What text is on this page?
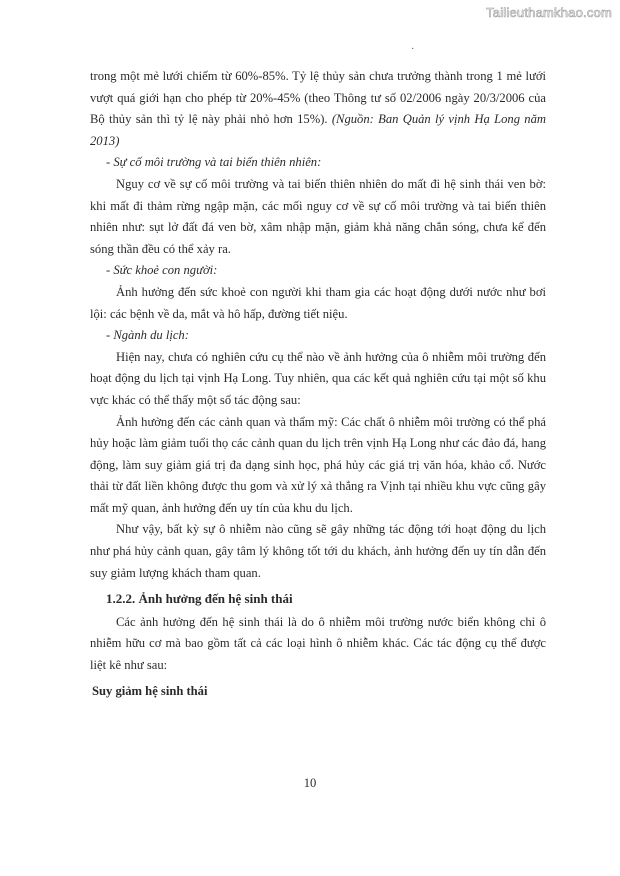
Tailieuthamkhao.com
·

trong một mẻ lưới chiếm từ 60%-85%. Tỷ lệ thủy sản chưa trưởng thành trong 1 mẻ lưới vượt quá giới hạn cho phép từ 20%-45% (theo Thông tư số 02/2006 ngày 20/3/2006 của Bộ thủy sản thì tỷ lệ này phải nhỏ hơn 15%). (Nguồn: Ban Quản lý vịnh Hạ Long năm 2013)

- Sự cố môi trường và tai biến thiên nhiên:

Nguy cơ về sự cố môi trường và tai biến thiên nhiên do mất đi hệ sinh thái ven bờ: khi mất đi thảm rừng ngập mặn, các mối nguy cơ về sự cố môi trường và tai biến thiên nhiên như: sụt lở đất đá ven bờ, xâm nhập mặn, giảm khả năng chắn sóng, chưa kể đến sóng thần đều có thể xảy ra.

- Sức khoẻ con người:

Ảnh hưởng đến sức khoẻ con người khi tham gia các hoạt động dưới nước như bơi lội: các bệnh về da, mắt và hô hấp, đường tiết niệu.

- Ngành du lịch:

Hiện nay, chưa có nghiên cứu cụ thể nào về ảnh hưởng của ô nhiễm môi trường đến hoạt động du lịch tại vịnh Hạ Long. Tuy nhiên, qua các kết quả nghiên cứu tại một số khu vực khác có thể thấy một số tác động sau:

Ảnh hưởng đến các cảnh quan và thẩm mỹ: Các chất ô nhiễm môi trường có thể phá hủy hoặc làm giảm tuổi thọ các cảnh quan du lịch trên vịnh Hạ Long như các đảo đá, hang động, làm suy giảm giá trị đa dạng sinh học, phá hủy các giá trị văn hóa, khảo cổ. Nước thải từ đất liền không được thu gom và xử lý xả thẳng ra Vịnh tại nhiều khu vực cũng gây mất mỹ quan, ảnh hưởng đến uy tín của khu du lịch.

Như vậy, bất kỳ sự ô nhiễm nào cũng sẽ gây những tác động tới hoạt động du lịch như phá hủy cảnh quan, gây tâm lý không tốt tới du khách, ảnh hưởng đến uy tín dẫn đến suy giảm lượng khách tham quan.

1.2.2. Ảnh hưởng đến hệ sinh thái

Các ảnh hưởng đến hệ sinh thái là do ô nhiễm môi trường nước biển không chỉ ô nhiễm hữu cơ mà bao gồm tất cả các loại hình ô nhiễm khác. Các tác động cụ thể được liệt kê như sau:

Suy giảm hệ sinh thái

10
